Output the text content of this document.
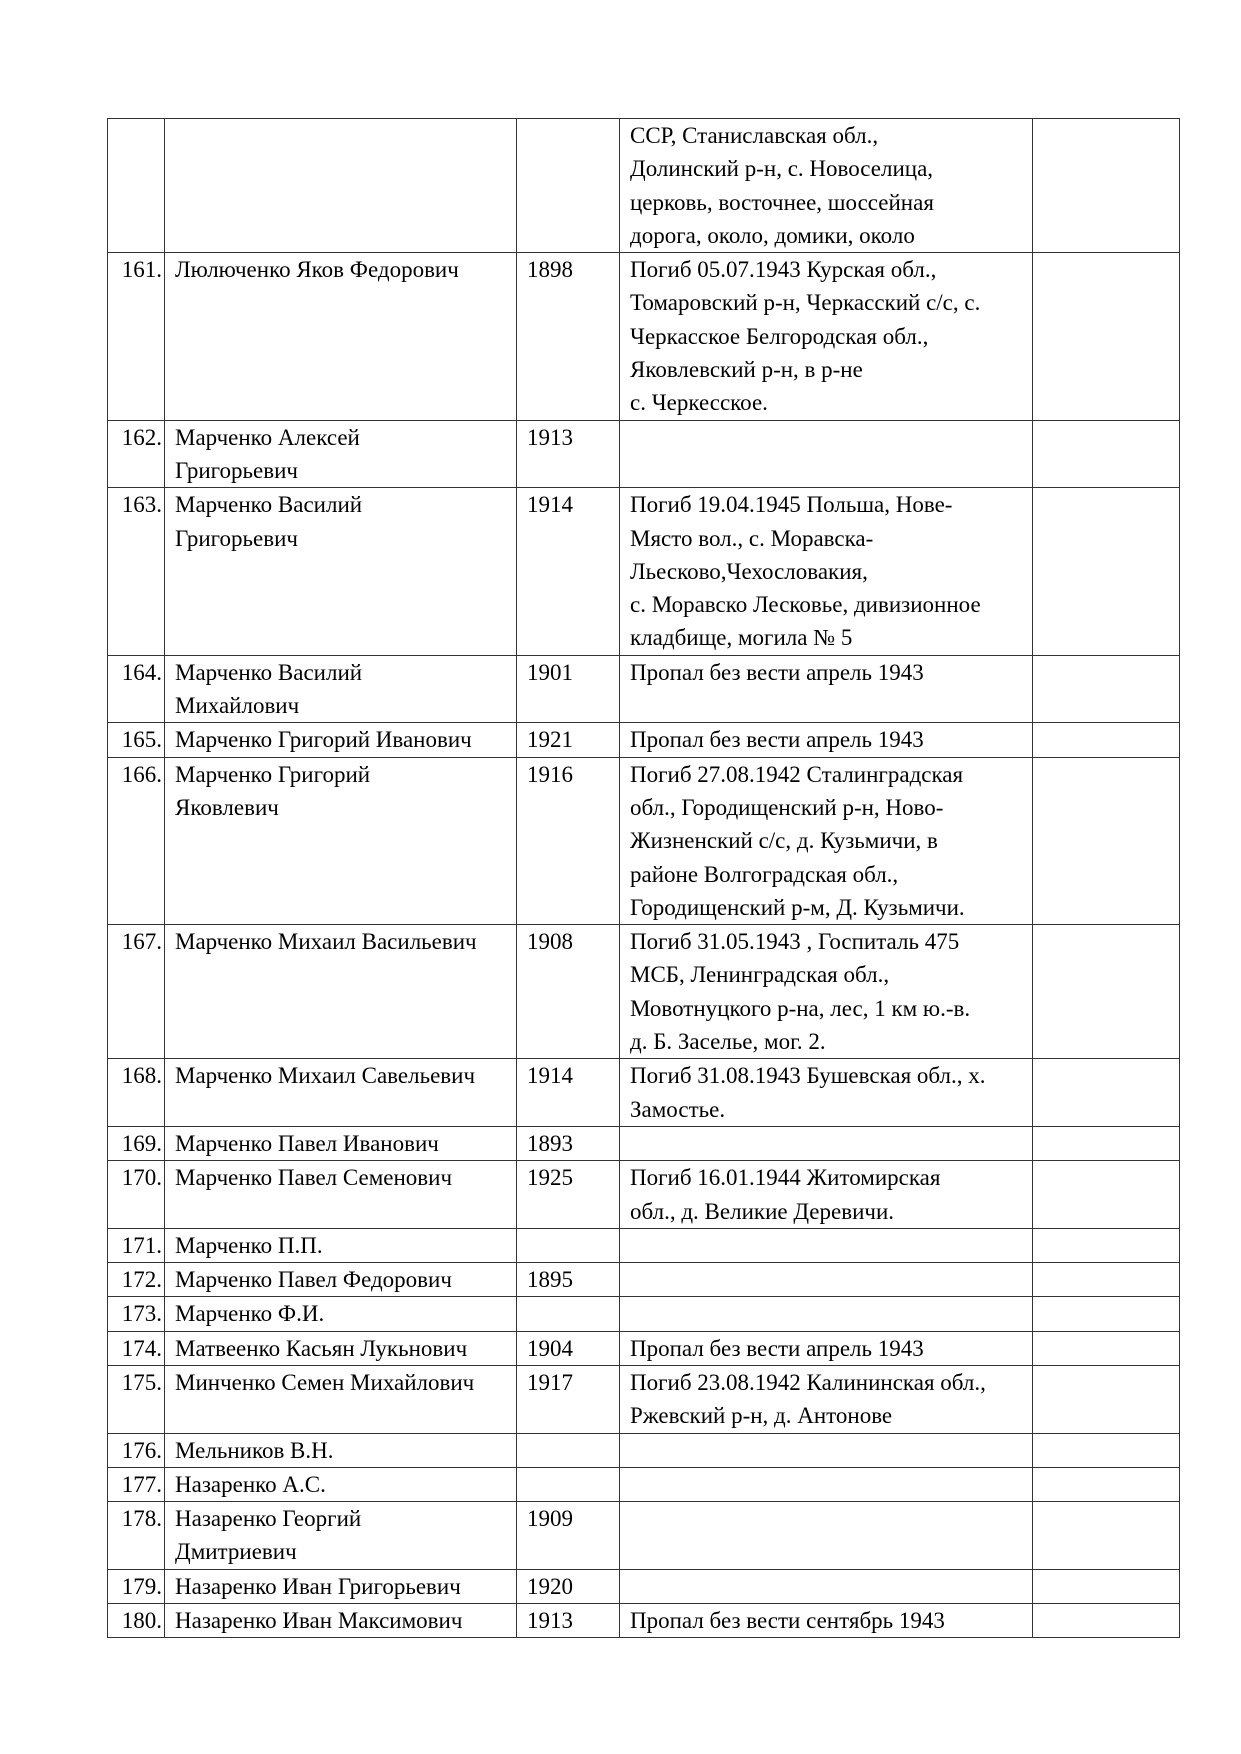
			ССР, Станиславская обл.,
Долинский р-н, с. Новоселица,
церковь, восточнее, шоссейная
дорога, около, домики, около	
161.	Люлюченко Яков Федорович	1898	Погиб 05.07.1943 Курская обл.,
Томаровский р-н, Черкасский с/с, с.
Черкасское Белгородская обл.,
Яковлевский р-н, в р-не
с. Черкесское.	
162.	Марченко Алексей
Григорьевич	1913		
163.	Марченко Василий
Григорьевич	1914	Погиб 19.04.1945 Польша, Нове-
Място вол., с. Моравска-
Льесково,Чехословакия,
с. Моравско Лесковье, дивизионное
кладбище, могила № 5	
164.	Марченко Василий
Михайлович	1901	Пропал без вести апрель 1943	
165.	Марченко Григорий Иванович	1921	Пропал без вести апрель 1943	
166.	Марченко Григорий
Яковлевич	1916	Погиб 27.08.1942 Сталинградская
обл., Городищенский р-н, Ново-
Жизненский с/с, д. Кузьмичи, в
районе Волгоградская обл.,
Городищенский р-м, Д. Кузьмичи.	
167.	Марченко Михаил Васильевич	1908	Погиб 31.05.1943 , Госпиталь 475
МСБ, Ленинградская обл.,
Мовотнуцкого р-на, лес, 1 км ю.-в.
д. Б. Заселье, мог. 2.	
168.	Марченко Михаил Савельевич	1914	Погиб 31.08.1943 Бушевская обл., х.
Замостье.	
169.	Марченко Павел Иванович	1893		
170.	Марченко Павел Семенович	1925	Погиб 16.01.1944 Житомирская
обл., д. Великие Деревичи.	
171.	Марченко П.П.			
172.	Марченко Павел Федорович	1895		
173.	Марченко Ф.И.			
174.	Матвеенко Касьян Лукьнович	1904	Пропал без вести апрель 1943	
175.	Минченко Семен Михайлович	1917	Погиб 23.08.1942 Калининская обл.,
Ржевский р-н, д. Антонове	
176.	Мельников В.Н.			
177.	Назаренко А.С.			
178.	Назаренко Георгий
Дмитриевич	1909		
179.	Назаренко Иван Григорьевич	1920		
180.	Назаренко Иван Максимович	1913	Пропал без вести сентябрь 1943	
